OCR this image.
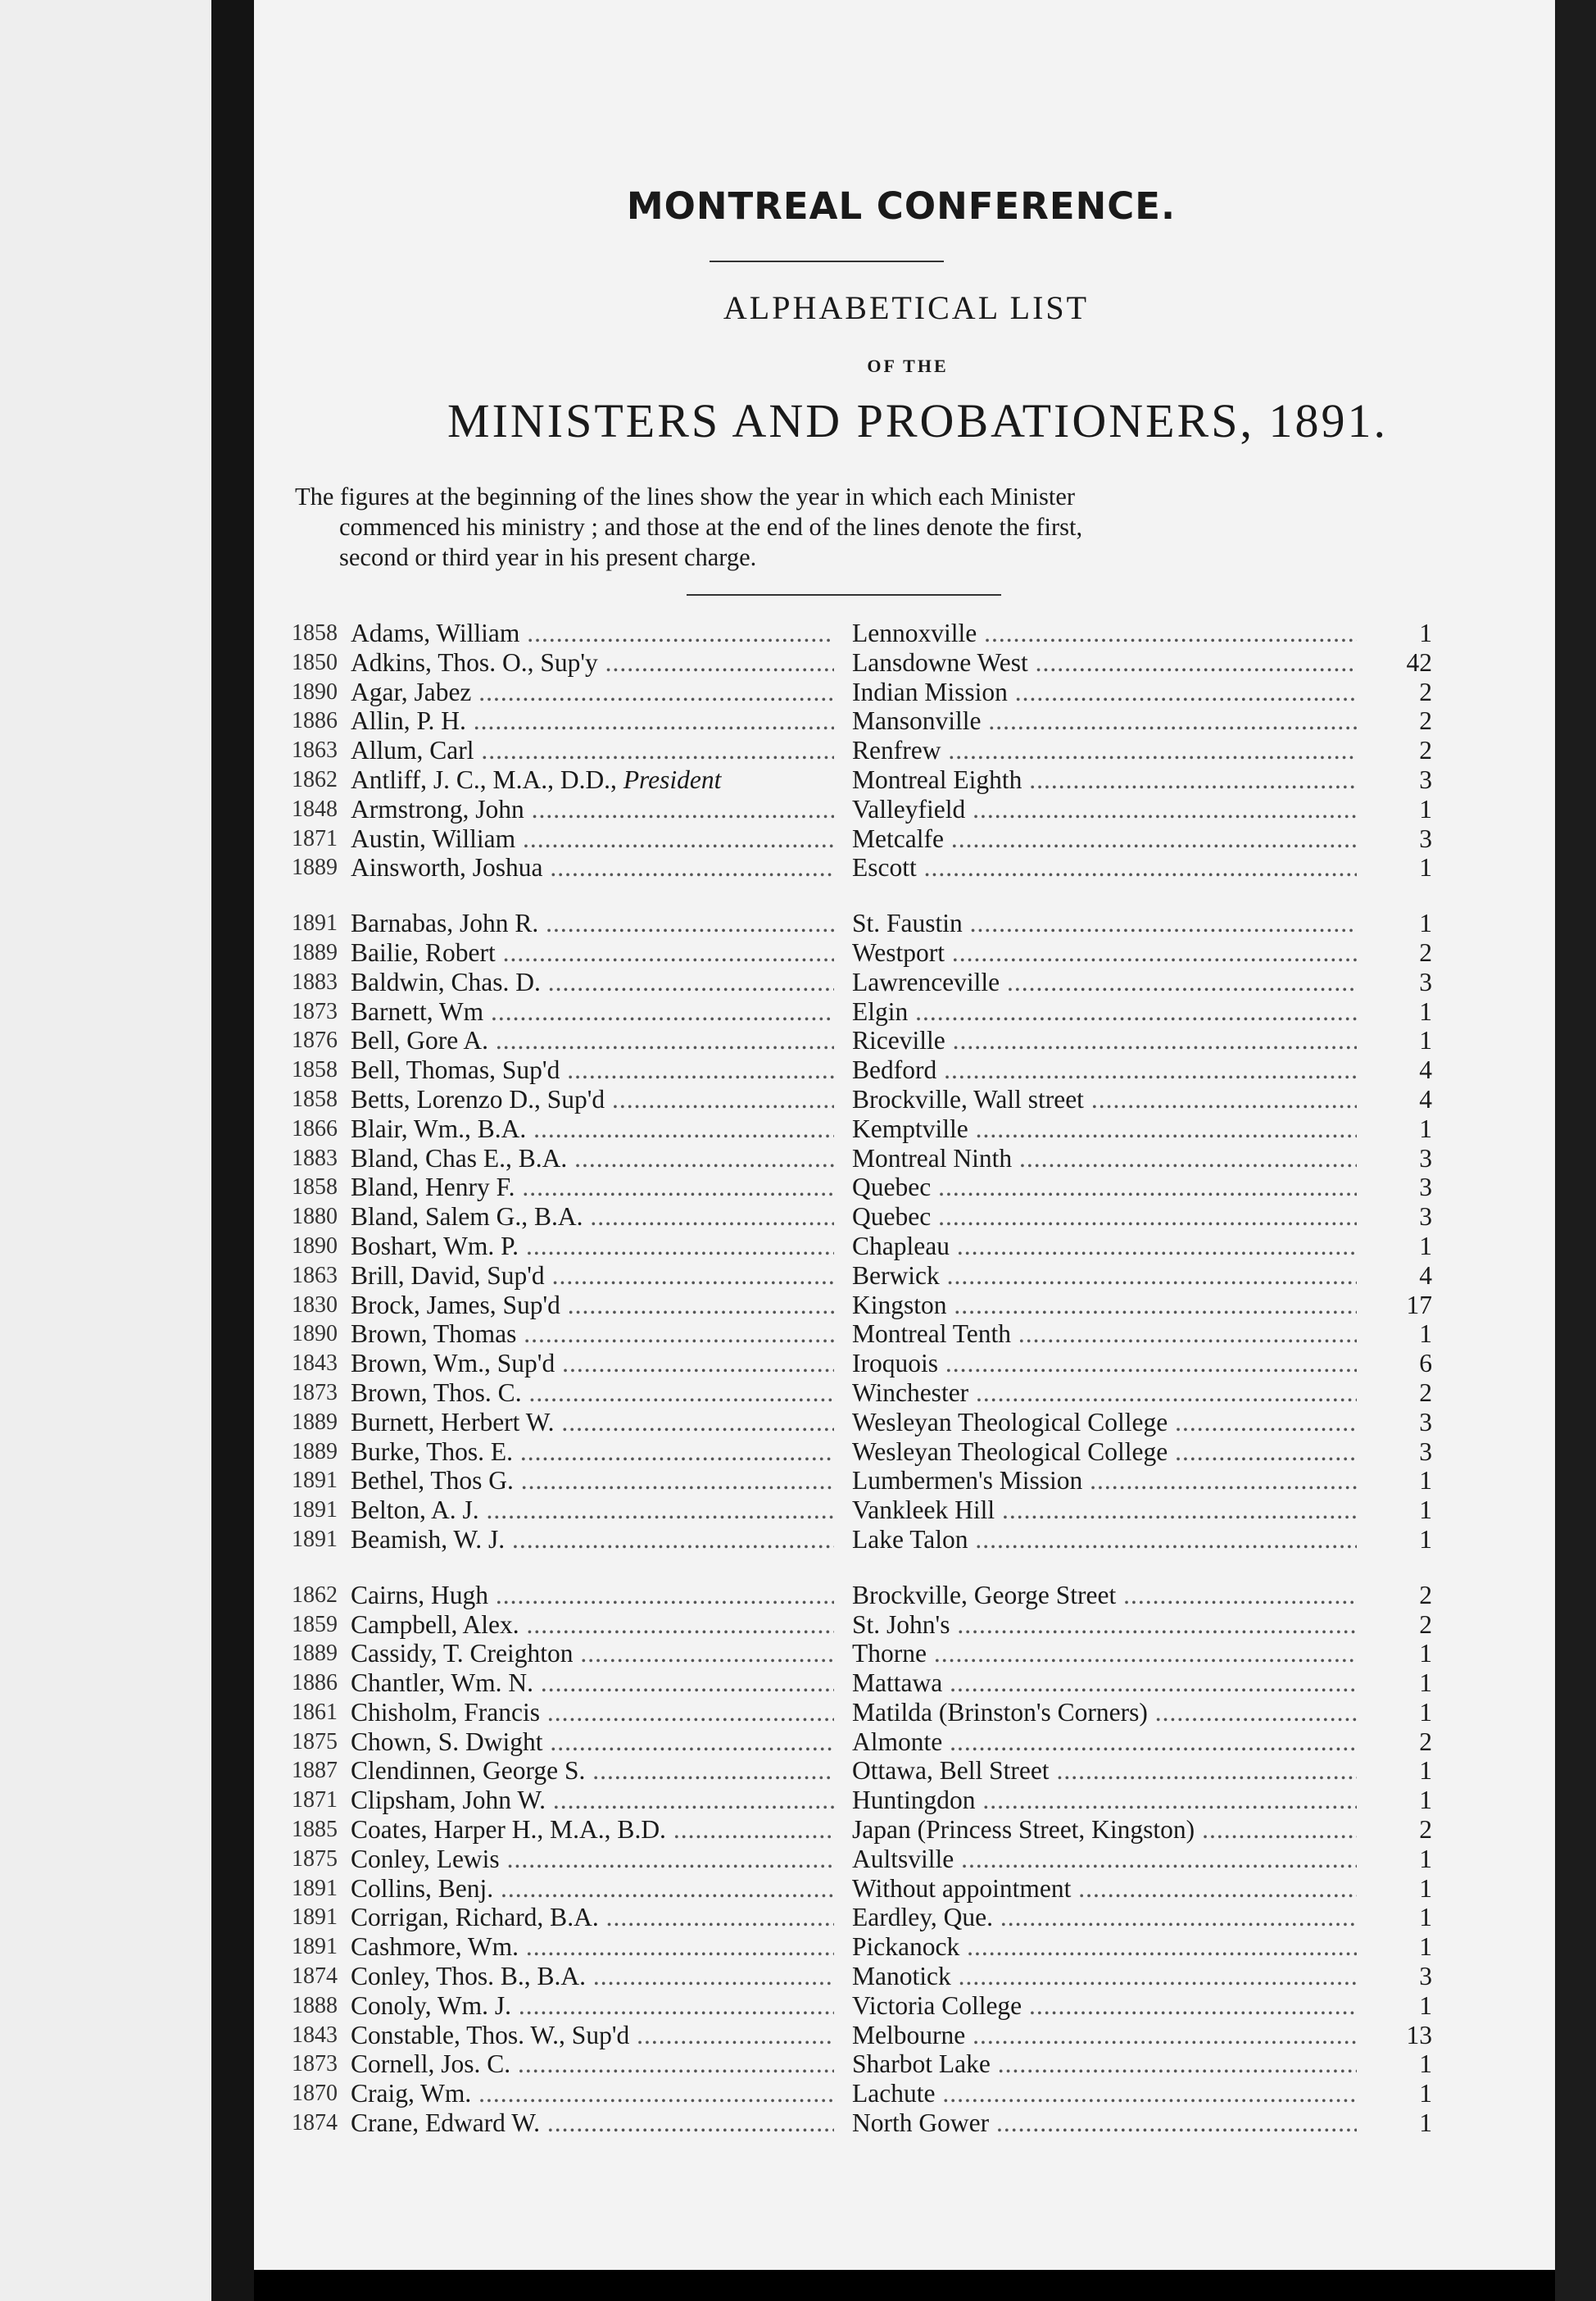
MONTREAL CONFERENCE.
ALPHABETICAL LIST
OF THE
MINISTERS AND PROBATIONERS, 1891.
The figures at the beginning of the lines show the year in which each Minister
commenced his ministry ; and those at the end of the lines denote the first,
second or third year in his present charge.
1858 Adams, William .....	Lennoxville .....	1
1850 Adkins, Thos. O., Sup'y .....	Lansdowne West .....	42
1890 Agar, Jabez .....	Indian Mission .....	2
1886 Allin, P. H. .....	Mansonville .....	2
1863 Allum, Carl .....	Renfrew .....	2
1862 Antliff, J. C., M.A., D.D., President	Montreal Eighth .....	3
1848 Armstrong, John .....	Valleyfield .....	1
1871 Austin, William .....	Metcalfe .....	3
1889 Ainsworth, Joshua .....	Escott .....	1
1891 Barnabas, John R. .....	St. Faustin .....	1
1889 Bailie, Robert .....	Westport .....	2
1883 Baldwin, Chas. D. .....	Lawrenceville .....	3
1873 Barnett, Wm .....	Elgin .....	1
1876 Bell, Gore A. .....	Riceville .....	1
1858 Bell, Thomas, Sup'd .....	Bedford .....	4
1858 Betts, Lorenzo D., Sup'd .....	Brockville, Wall street .....	4
1866 Blair, Wm., B.A. .....	Kemptville .....	1
1883 Bland, Chas E., B.A. .....	Montreal Ninth .....	3
1858 Bland, Henry F. .....	Quebec .....	3
1880 Bland, Salem G., B.A. .....	Quebec .....	3
1890 Boshart, Wm. P. .....	Chapleau .....	1
1863 Brill, David, Sup'd .....	Berwick .....	4
1830 Brock, James, Sup'd .....	Kingston .....	17
1890 Brown, Thomas .....	Montreal Tenth .....	1
1843 Brown, Wm., Sup'd .....	Iroquois .....	6
1873 Brown, Thos. C. .....	Winchester .....	2
1889 Burnett, Herbert W. .....	Wesleyan Theological College .....	3
1889 Burke, Thos. E. .....	Wesleyan Theological College .....	3
1891 Bethel, Thos G. .....	Lumbermen's Mission .....	1
1891 Belton, A. J. .....	Vankleek Hill .....	1
1891 Beamish, W. J. .....	Lake Talon .....	1
1862 Cairns, Hugh .....	Brockville, George Street .....	2
1859 Campbell, Alex. .....	St. John's .....	2
1889 Cassidy, T. Creighton .....	Thorne .....	1
1886 Chantler, Wm. N. .....	Mattawa .....	1
1861 Chisholm, Francis .....	Matilda (Brinston's Corners) .....	1
1875 Chown, S. Dwight .....	Almonte .....	2
1887 Clendinnen, George S. .....	Ottawa, Bell Street .....	1
1871 Clipsham, John W. .....	Huntingdon .....	1
1885 Coates, Harper H., M.A., B.D. .....	Japan (Princess Street, Kingston) .....	2
1875 Conley, Lewis .....	Aultsville .....	1
1891 Collins, Benj. .....	Without appointment .....	1
1891 Corrigan, Richard, B.A. .....	Eardley, Que. .....	1
1891 Cashmore, Wm. .....	Pickanock .....	1
1874 Conley, Thos. B., B.A. .....	Manotick .....	3
1888 Conoly, Wm. J. .....	Victoria College .....	1
1843 Constable, Thos. W., Sup'd .....	Melbourne .....	13
1873 Cornell, Jos. C. .....	Sharbot Lake .....	1
1870 Craig, Wm. .....	Lachute .....	1
1874 Crane, Edward W. .....	North Gower .....	1
